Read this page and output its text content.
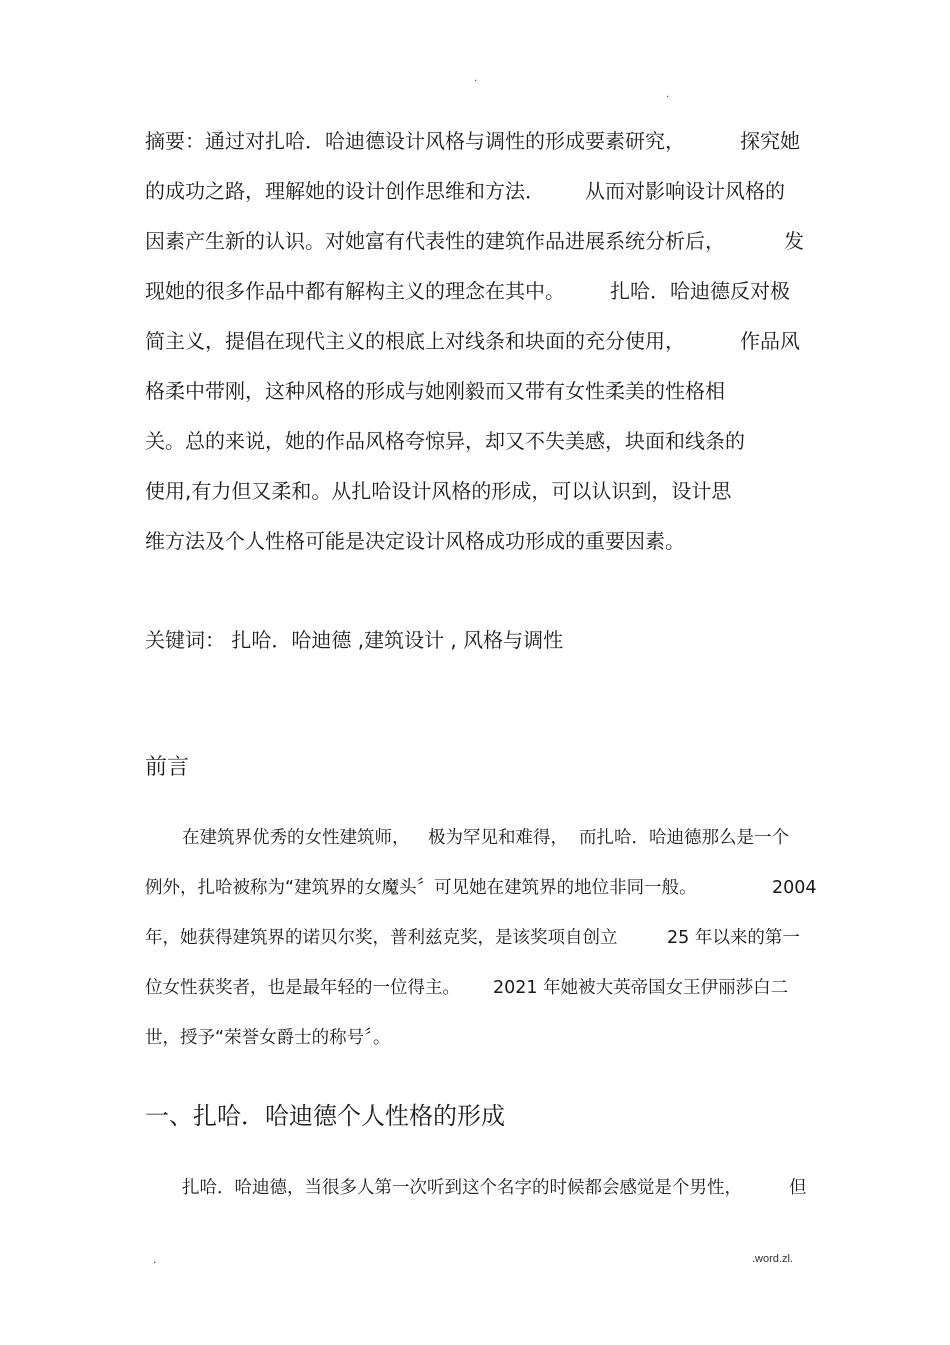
.
.
摘要：通过对扎哈．哈迪德设计风格与调性的形成要素研究，	探究她
的成功之路，理解她的设计创作思维和方法． 从而对影响设计风格的
因素产生新的认识。对她富有代表性的建筑作品进展系统分析后，	发
现她的很多作品中都有解构主义的理念在其中。 扎哈．哈迪德反对极
简主义，提倡在现代主义的根底上对线条和块面的充分使用，	作品风
格柔中带刚，这种风格的形成与她刚毅而又带有女性柔美的性格相
关。总的来说，她的作品风格夸惊异，却又不失美感，块面和线条的
使用,有力但又柔和。从扎哈设计风格的形成，可以认识到，设计思
维方法及个人性格可能是决定设计风格成功形成的重要因素。
关键词： 扎哈．哈迪德 ,建筑设计 , 风格与调性
前言
在建筑界优秀的女性建筑师， 极为罕见和难得， 而扎哈．哈迪德那么是一个
例外，扎哈被称为“建筑界的女魔头〞可见她在建筑界的地位非同一般。	2004
年，她获得建筑界的诺贝尔奖，普利兹克奖，是该奖项自创立	25 年以来的第一
位女性获奖者，也是最年轻的一位得主。 2021 年她被大英帝国女王伊丽莎白二
世，授予“荣誉女爵士的称号〞。
一、扎哈．哈迪德个人性格的形成
扎哈．哈迪德，当很多人第一次听到这个名字的时候都会感觉是个男性，	但
.	.word.zl.
